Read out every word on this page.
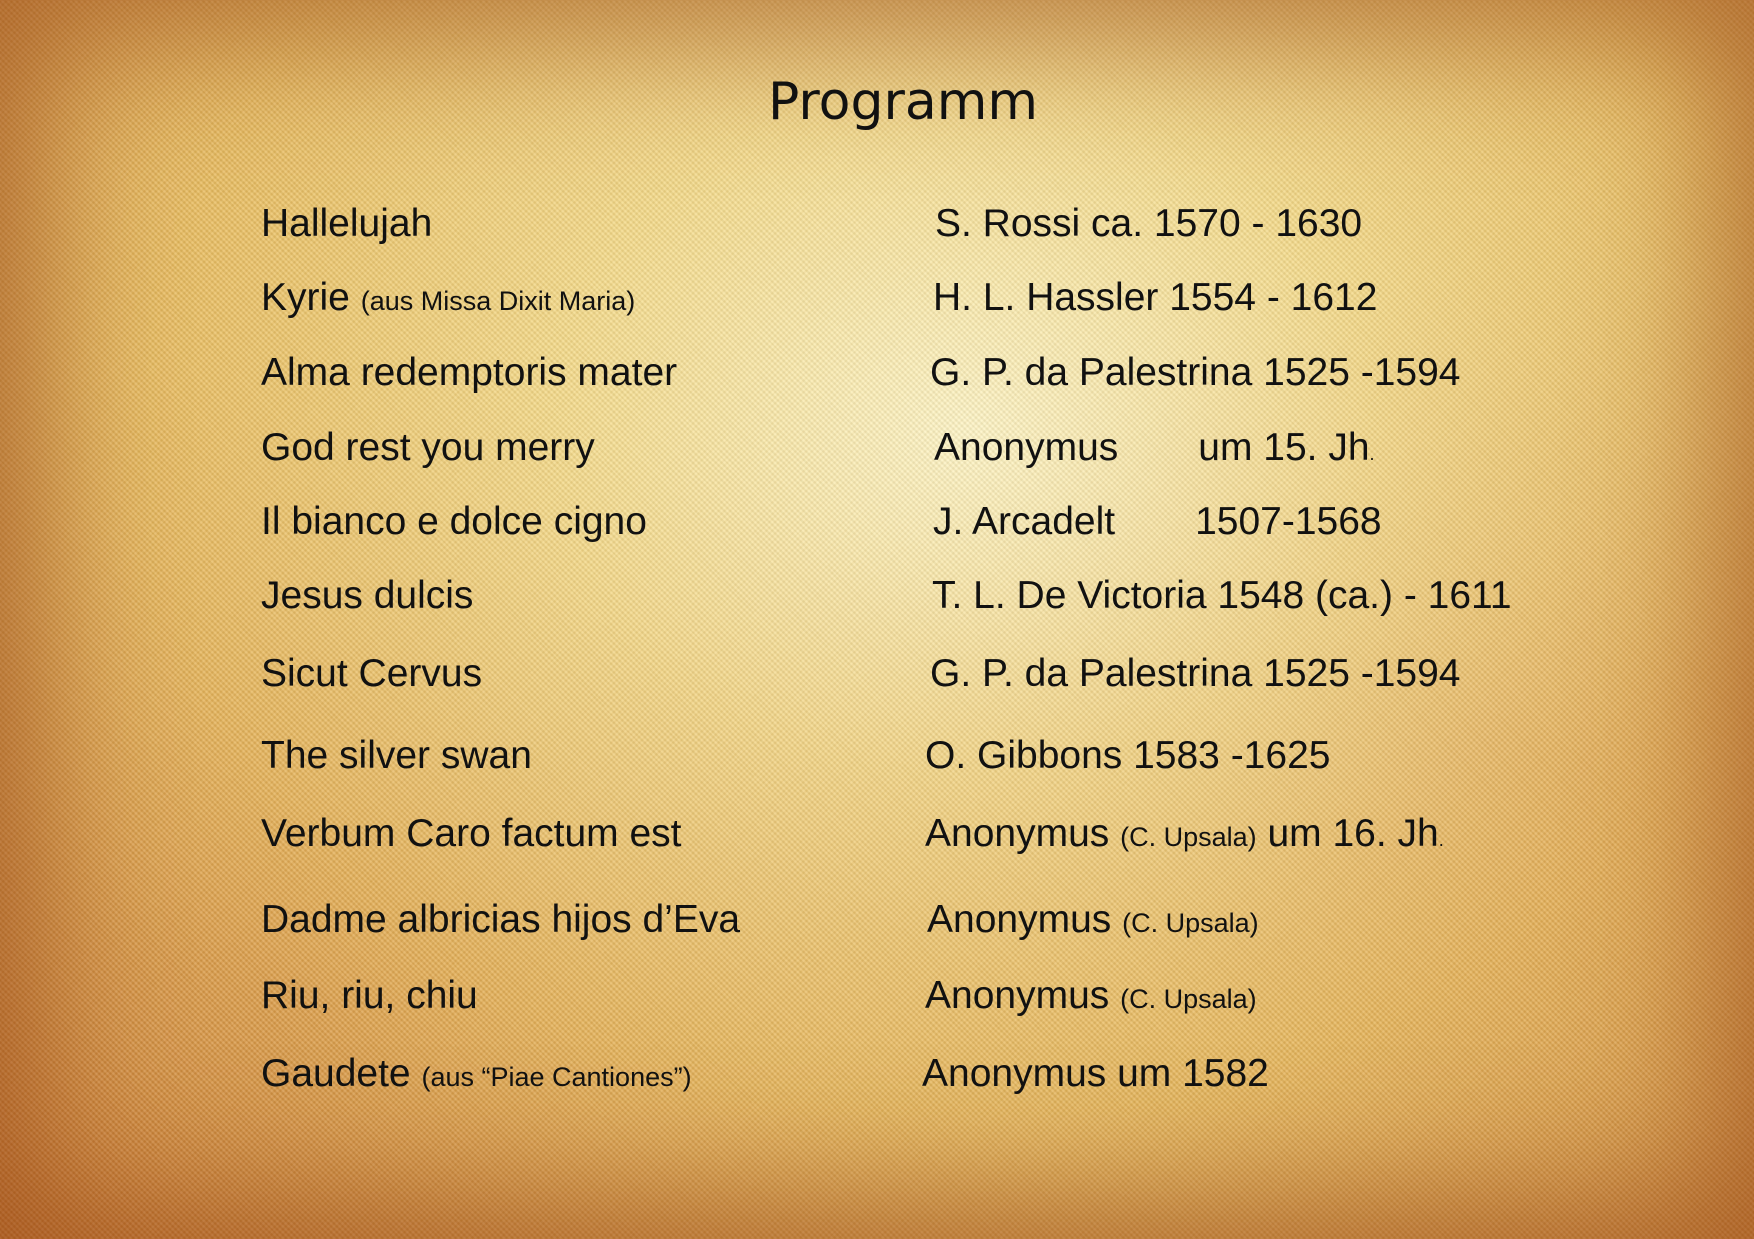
Programm
Hallelujah	S. Rossi ca. 1570 - 1630
Kyrie (aus Missa Dixit Maria)	H. L. Hassler 1554 - 1612
Alma redemptoris mater	G. P. da Palestrina 1525 -1594
God rest you merry	Anonymus um 15. Jh.
Il bianco e dolce cigno	J. Arcadelt 1507-1568
Jesus dulcis	T. L. De Victoria 1548 (ca.) - 1611
Sicut Cervus	G. P. da Palestrina 1525 -1594
The silver swan	O. Gibbons 1583 -1625
Verbum Caro factum est	Anonymus (C. Upsala) um 16. Jh.
Dadme albricias hijos d’Eva	Anonymus (C. Upsala)
Riu, riu, chiu	Anonymus (C. Upsala)
Gaudete (aus “Piae Cantiones”)	Anonymus um 1582
